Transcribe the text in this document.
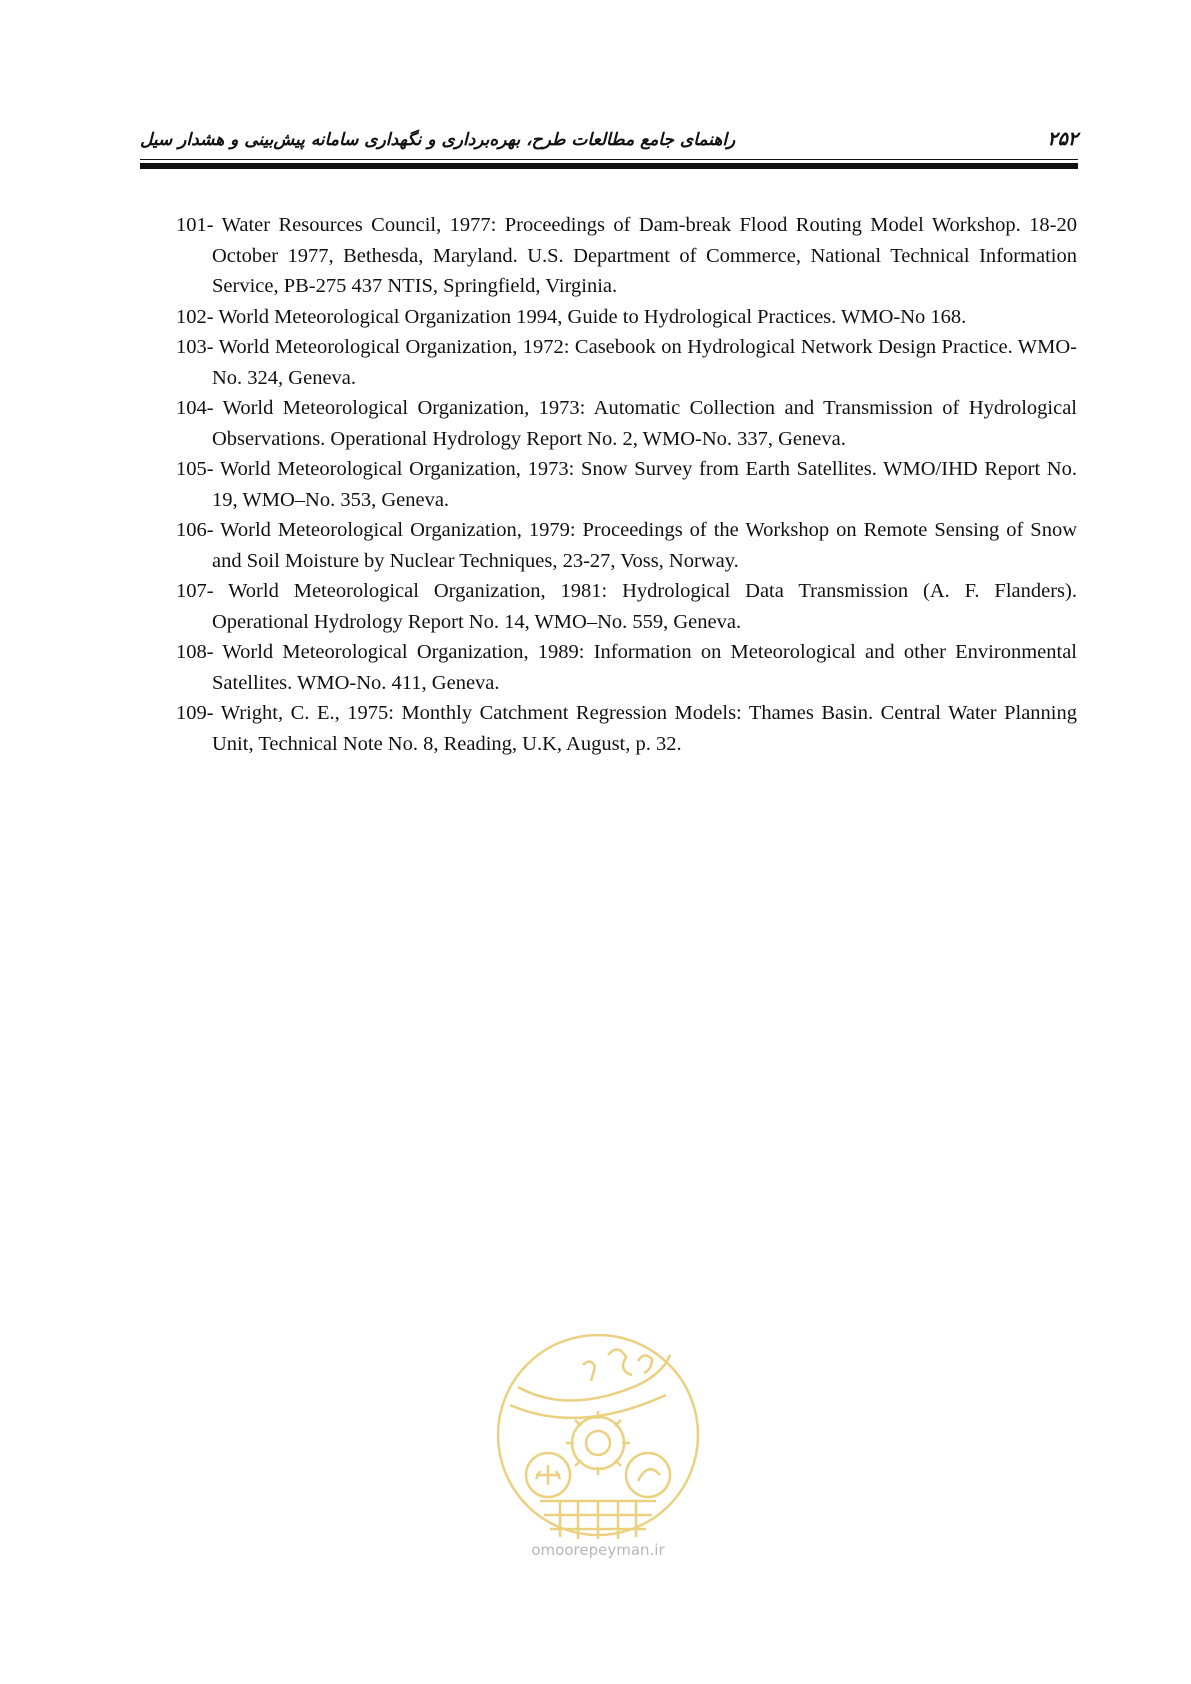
راهنمای جامع مطالعات طرح، بهره‌برداری و نگهداری سامانه پیش‌بینی و هشدار سیل	۲۵۲
101- Water Resources Council, 1977: Proceedings of Dam-break Flood Routing Model Workshop. 18-20 October 1977, Bethesda, Maryland. U.S. Department of Commerce, National Technical Information Service, PB-275 437 NTIS, Springfield, Virginia.
102- World Meteorological Organization 1994, Guide to Hydrological Practices. WMO-No 168.
103- World Meteorological Organization, 1972: Casebook on Hydrological Network Design Practice. WMO-No. 324, Geneva.
104- World Meteorological Organization, 1973: Automatic Collection and Transmission of Hydrological Observations. Operational Hydrology Report No. 2, WMO-No. 337, Geneva.
105- World Meteorological Organization, 1973: Snow Survey from Earth Satellites. WMO/IHD Report No. 19, WMO–No. 353, Geneva.
106- World Meteorological Organization, 1979: Proceedings of the Workshop on Remote Sensing of Snow and Soil Moisture by Nuclear Techniques, 23-27, Voss, Norway.
107- World Meteorological Organization, 1981: Hydrological Data Transmission (A. F. Flanders). Operational Hydrology Report No. 14, WMO–No. 559, Geneva.
108- World Meteorological Organization, 1989: Information on Meteorological and other Environmental Satellites. WMO-No. 411, Geneva.
109- Wright, C. E., 1975: Monthly Catchment Regression Models: Thames Basin. Central Water Planning Unit, Technical Note No. 8, Reading, U.K, August, p. 32.
omoorepeyman.ir
